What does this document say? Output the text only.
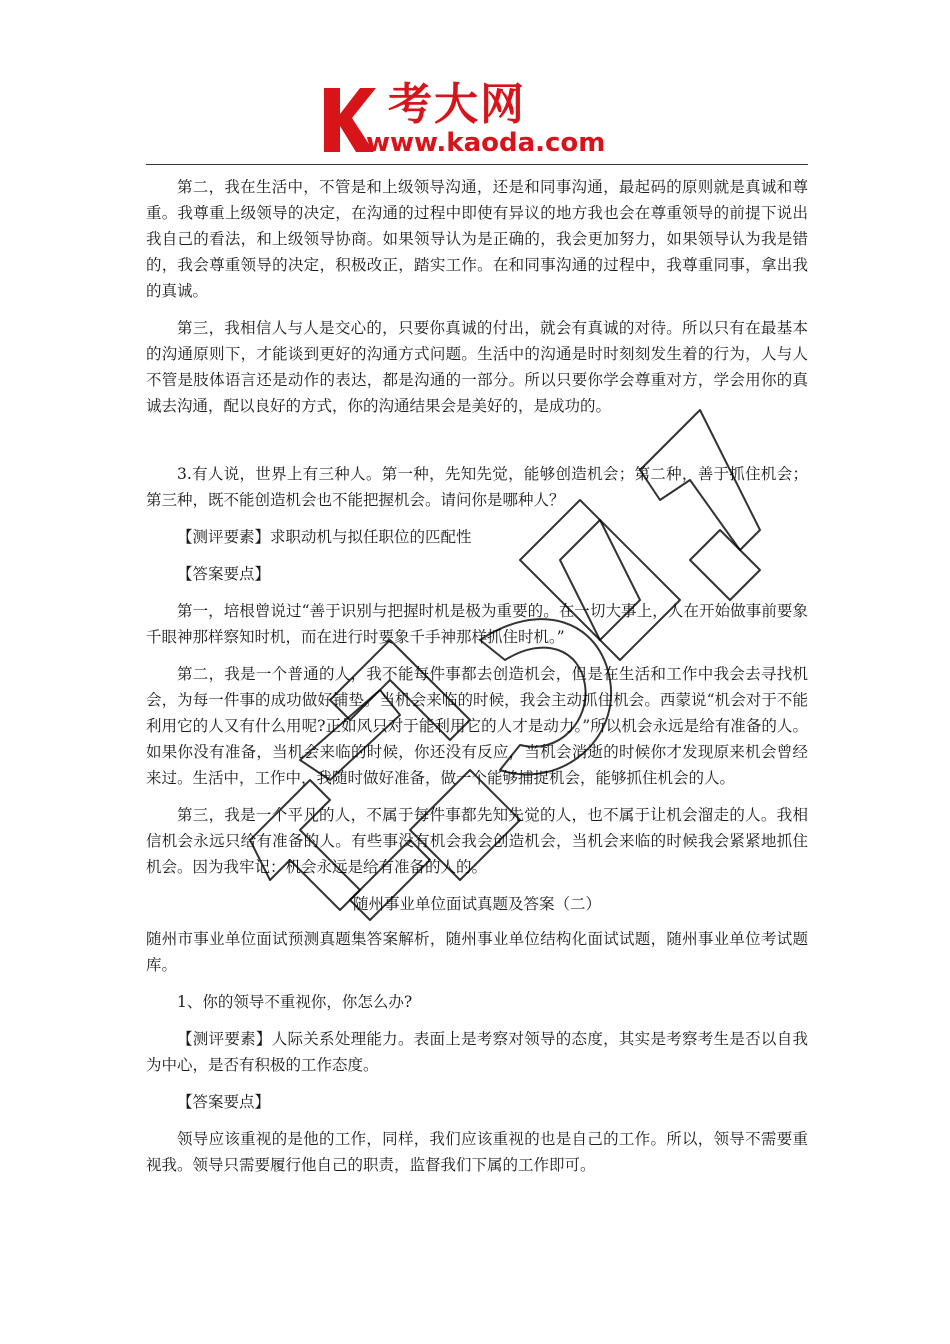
考大网
www.kaoda.com

第二，我在生活中，不管是和上级领导沟通，还是和同事沟通，最起码的原则就是真诚和尊重。我尊重上级领导的决定，在沟通的过程中即使有异议的地方我也会在尊重领导的前提下说出我自己的看法，和上级领导协商。如果领导认为是正确的，我会更加努力，如果领导认为我是错的，我会尊重领导的决定，积极改正，踏实工作。在和同事沟通的过程中，我尊重同事，拿出我的真诚。

第三，我相信人与人是交心的，只要你真诚的付出，就会有真诚的对待。所以只有在最基本的沟通原则下，才能谈到更好的沟通方式问题。生活中的沟通是时时刻刻发生着的行为，人与人不管是肢体语言还是动作的表达，都是沟通的一部分。所以只要你学会尊重对方，学会用你的真诚去沟通，配以良好的方式，你的沟通结果会是美好的，是成功的。

3.有人说，世界上有三种人。第一种，先知先觉，能够创造机会；第二种，善于抓住机会；第三种，既不能创造机会也不能把握机会。请问你是哪种人？

【测评要素】求职动机与拟任职位的匹配性

【答案要点】

第一，培根曾说过“善于识别与把握时机是极为重要的。在一切大事上，人在开始做事前要象千眼神那样察知时机，而在进行时要象千手神那样抓住时机。”

第二，我是一个普通的人，我不能每件事都去创造机会，但是在生活和工作中我会去寻找机会，为每一件事的成功做好铺垫。当机会来临的时候，我会主动抓住机会。西蒙说“机会对于不能利用它的人又有什么用呢?正如风只对于能利用它的人才是动力。”所以机会永远是给有准备的人。如果你没有准备，当机会来临的时候，你还没有反应，当机会消逝的时候你才发现原来机会曾经来过。生活中，工作中，我随时做好准备，做一个能够捕捉机会，能够抓住机会的人。

第三，我是一个平凡的人，不属于每件事都先知先觉的人，也不属于让机会溜走的人。我相信机会永远只给有准备的人。有些事没有机会我会创造机会，当机会来临的时候我会紧紧地抓住机会。因为我牢记：机会永远是给有准备的人的。

随州事业单位面试真题及答案（二）

随州市事业单位面试预测真题集答案解析，随州事业单位结构化面试试题，随州事业单位考试题库。

1、你的领导不重视你，你怎么办?

【测评要素】人际关系处理能力。表面上是考察对领导的态度，其实是考察考生是否以自我为中心，是否有积极的工作态度。

【答案要点】

领导应该重视的是他的工作，同样，我们应该重视的也是自己的工作。所以，领导不需要重视我。领导只需要履行他自己的职责，监督我们下属的工作即可。
